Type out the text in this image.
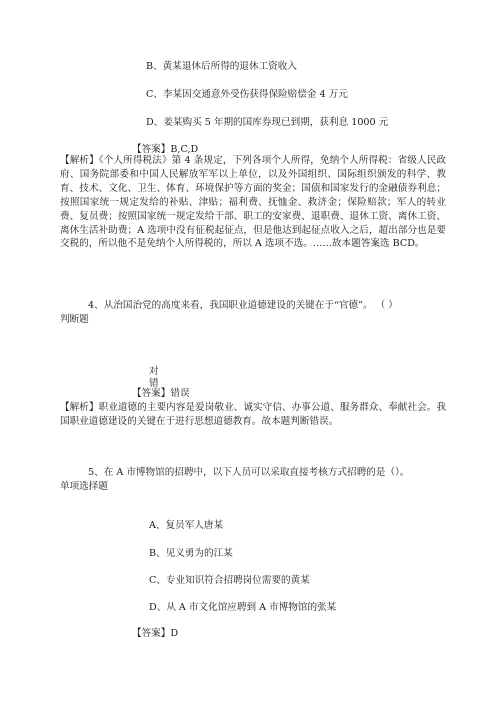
B、黄某退休后所得的退休工资收入
C、李某因交通意外受伤获得保险赔偿金 4 万元
D、姜某购买 5 年期的国库券现已到期，获利息 1000 元
【答案】B,C,D
【解析】《个人所得税法》第 4 条规定，下列各项个人所得，免纳个人所得税：省级人民政府、国务院部委和中国人民解放军军以上单位，以及外国组织、国际组织颁发的科学、教育、技术、文化、卫生、体育、环境保护等方面的奖金；国债和国家发行的金融债券利息；按照国家统一规定发给的补贴、津贴；福利费、抚恤金、救济金；保险赔款；军人的转业费、复员费；按照国家统一规定发给干部、职工的安家费、退职费、退休工资、离休工资、离休生活补助费；A 选项中没有征税起征点，但是他达到起征点收入之后，超出部分也是要交税的，所以他不是免纳个人所得税的，所以 A 选项不选。……故本题答案选 BCD。
4、从治国治党的高度来看，我国职业道德建设的关键在于“官德”。 （ ）
判断题
对
错
【答案】错误
【解析】职业道德的主要内容是爱岗敬业、诚实守信、办事公道、服务群众、奉献社会。我国职业道德建设的关键在于进行思想道德教育。故本题判断错误。
5、在 A 市博物馆的招聘中，以下人员可以采取直接考核方式招聘的是（）。
单项选择题
A、复员军人唐某
B、见义勇为的江某
C、专业知识符合招聘岗位需要的黄某
D、从 A 市文化馆应聘到 A 市博物馆的张某
【答案】D
